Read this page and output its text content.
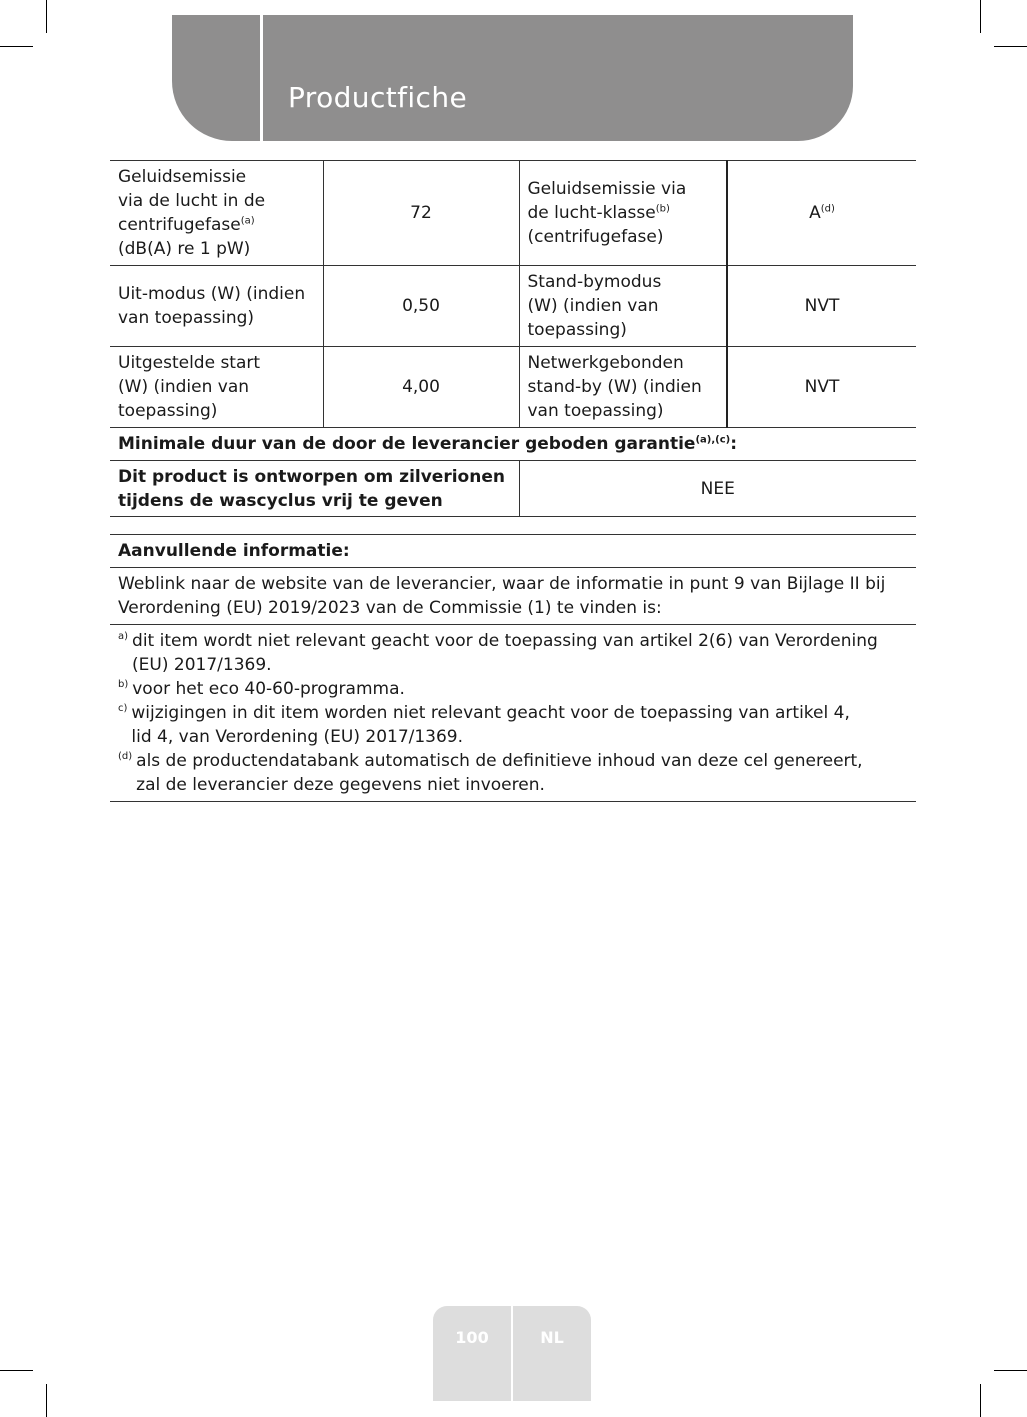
Productfiche
Geluidsemissie
via de lucht in de
centrifugefase$^{(a)}$
(dB(A) re 1 pW)	72	Geluidsemissie via
de lucht-klasse$^{(b)}$
(centrifugefase)	$A^{(d)}$
Uit-modus (W) (indien
van toepassing)	0,50	Stand-bymodus
(W) (indien van
toepassing)	NVT
Uitgestelde start
(W) (indien van
toepassing)	4,00	Netwerkgebonden
stand-by (W) (indien
van toepassing)	NVT
Minimale duur van de door de leverancier geboden garantie$^{(a),(c)}$:			
Dit product is ontworpen om zilverionen
tijdens de wascyclus vrij te geven		NEE	
Aanvullende informatie:
Weblink naar de website van de leverancier, waar de informatie in punt 9 van Bijlage II bij
Verordening (EU) 2019/2023 van de Commissie (1) te vinden is:
a) dit item wordt niet relevant geacht voor de toepassing van artikel 2(6) van Verordening
(EU) 2017/1369.
b) voor het eco 40-60-programma.
c) wijzigingen in dit item worden niet relevant geacht voor de toepassing van artikel 4,
lid 4, van Verordening (EU) 2017/1369.
(d) als de productendatabank automatisch de definitieve inhoud van deze cel genereert,
zal de leverancier deze gegevens niet invoeren.
100	NL
